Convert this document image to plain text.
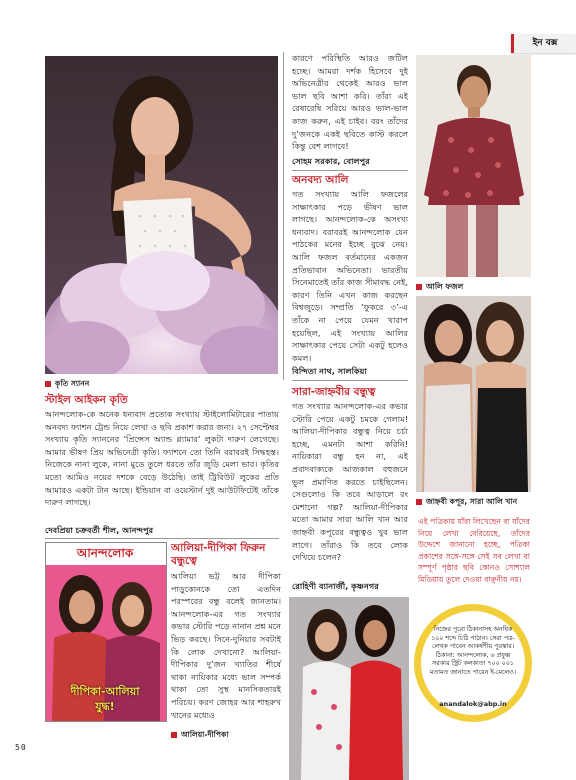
ইন বক্স
কৃতি স্যানন
কারণে পরিস্থিতি আরও জটিল হচ্ছে। আমরা দর্শক হিসেবে দুই অভিনেত্রীর থেকেই আরও ভাল ভাল ছবি আশা করি। তাঁরা এই রেষারেষি সরিয়ে আরও ভাল-ভাল কাজ করুন, এই চাইব। বরং তাঁদের দু’জনকে একই ছবিতে কাস্ট করলে কিন্তু বেশ লাগবে!
সোহম সরকার, বোলপুর
অনবদ্য আলি
গত সংখ্যায় আলি ফজলের সাক্ষাৎকার পড়ে ভীষণ ভাল লাগছে। আনন্দলোক-কে অসংখ্য ধন্যবাদ। বরাবরই আনন্দলোক যেন পাঠকের মনের ইচ্ছে বুঝে নেয়। আলি ফজল বর্তমানের একজন প্রতিভাবান অভিনেতা। ভারতীয় সিনেমাতেই তাঁর কাজ সীমাবদ্ধ নেই, কারণ তিনি এখন কাজ করছেন বিশ্বজুড়ে। সম্প্রতি ‘ফুকরে ৩’-এ তাঁকে না পেয়ে যেমন খারাপ হয়েছিল, এই সংখ্যায় আলির সাক্ষাৎকার পেয়ে সেটা একটু হলেও কমল।
বিন্দিতা নাথ, সালকিয়া
আলি ফজল
জাহ্নবী কপূর, সারা আলি খান
সারা-জাহ্নবীর বন্ধুত্ব
গত সংখ্যার আনন্দলোক-এর কভার স্টোরি পেয়ে একটু চমকে গেলাম! আলিয়া-দীপিকার বন্ধুত্ব নিয়ে চর্চা হচ্ছে, এমনটা আশা করিনি! নায়িকারা বন্ধু হন না, এই প্রবাদবাক্যকে আজকাল বহুজনে ভুল প্রমাণিত করতে চাইছিলেন। সেগুলোও কি তবে আড়ালে রং মেশানো গল্প? আলিয়া-দীপিকার মতো আমার সারা আলি খান আর জাহ্নবী কপূরের বন্ধুত্বও খুব ভাল লাগে। তাঁরাও কি তবে লোক দেখিয়ে চলেন?
রোহিণী ব্যানার্জী, কৃষ্ণনগর
স্টাইল আইকন কৃতি
আনন্দলোক-কে অনেক ধন্যবাদ প্রত্যেক সংখ্যায় স্টাইলোমিটারের পাতায় অনবদ্য ফ্যাশন ট্রেন্ড নিয়ে লেখা ও ছবি প্রকাশ করার জন্য। ২৭ সেপ্টেম্বর সংখ্যায় কৃতি স্যাননের ‘প্রিন্সেস অ্যান্ড গ্ল্যামার’ লুকটা দারুণ লেগেছে। আমার ভীষণ প্রিয় অভিনেত্রী কৃতি। ফ্যাশনে তো তিনি বরাবরই সিদ্ধহস্ত। নিজেকে নানা লুকে, নানা মুডে তুলে ধরতে তাঁর জুড়ি মেলা ভার। কৃতির মতো আমিও নয়ের দশকে বেড়ে উঠেছি। তাই ট্রিবিউট লুকের প্রতি আমারও একটা টান আছে। ইন্ডিয়ান বা ওয়েস্টার্ন দুই আউটফিটেই তাঁকে দারুণ লাগছে।
দেবপ্রিয়া চক্রবর্তী শীল, আনন্দপুর
আনন্দলোক
দীপিকা-আলিয়া
যুদ্ধ!
আলিয়া-দীপিকা ফিরুন বন্ধুত্বে
আলিয়া ভট্ট আর দীপিকা পাড়ুকোনকে তো এতদিন পরস্পরের বন্ধু বলেই জানতাম। আনন্দলোক-এর গত সংখ্যার কভার স্টোরি পড়ে নানান প্রশ্ন মনে ভিড় করছে। সিনে-দুনিয়ার সবটাই কি লোক দেখানো? আলিয়া-দীপিকার দু’জন খ্যাতির শীর্ষে থাকা নায়িকার মধ্যে ভাল সম্পর্ক থাকা তো সুস্থ মানসিকতারই পরিচয়। করণ জোহর আর শাহরুখ খানের মধ্যেও
আলিয়া-দীপিকা
এই পত্রিকায় যাঁরা লিখেছেন বা যাঁদের নিয়ে লেখা বেরিয়েছে, তাঁদের উদ্দেশে জানানো হচ্ছে, পত্রিকা প্রকাশের সঙ্গে-সঙ্গে সেই সব লেখা বা সম্পূর্ণ পৃষ্ঠার ছবি কোনও সোশ্যাল মিডিয়ায় তুলে দেওয়া বাঞ্ছনীয় নয়।
নিজের পুরো ঠিকানাসহ অনধিক ১০০ শব্দে চিঠি পাঠান। সেরা পত্র-লেখক পাবেন আকর্ষণীয় পুরস্কার। ঠিকানা: আনন্দলোক, ৬ প্রফুল্ল সরকার স্ট্রিট কলকাতা ৭০০ ০০১ মতামত জানাতে পারেন ই-মেলেও।
anandalok@abp.in
50
